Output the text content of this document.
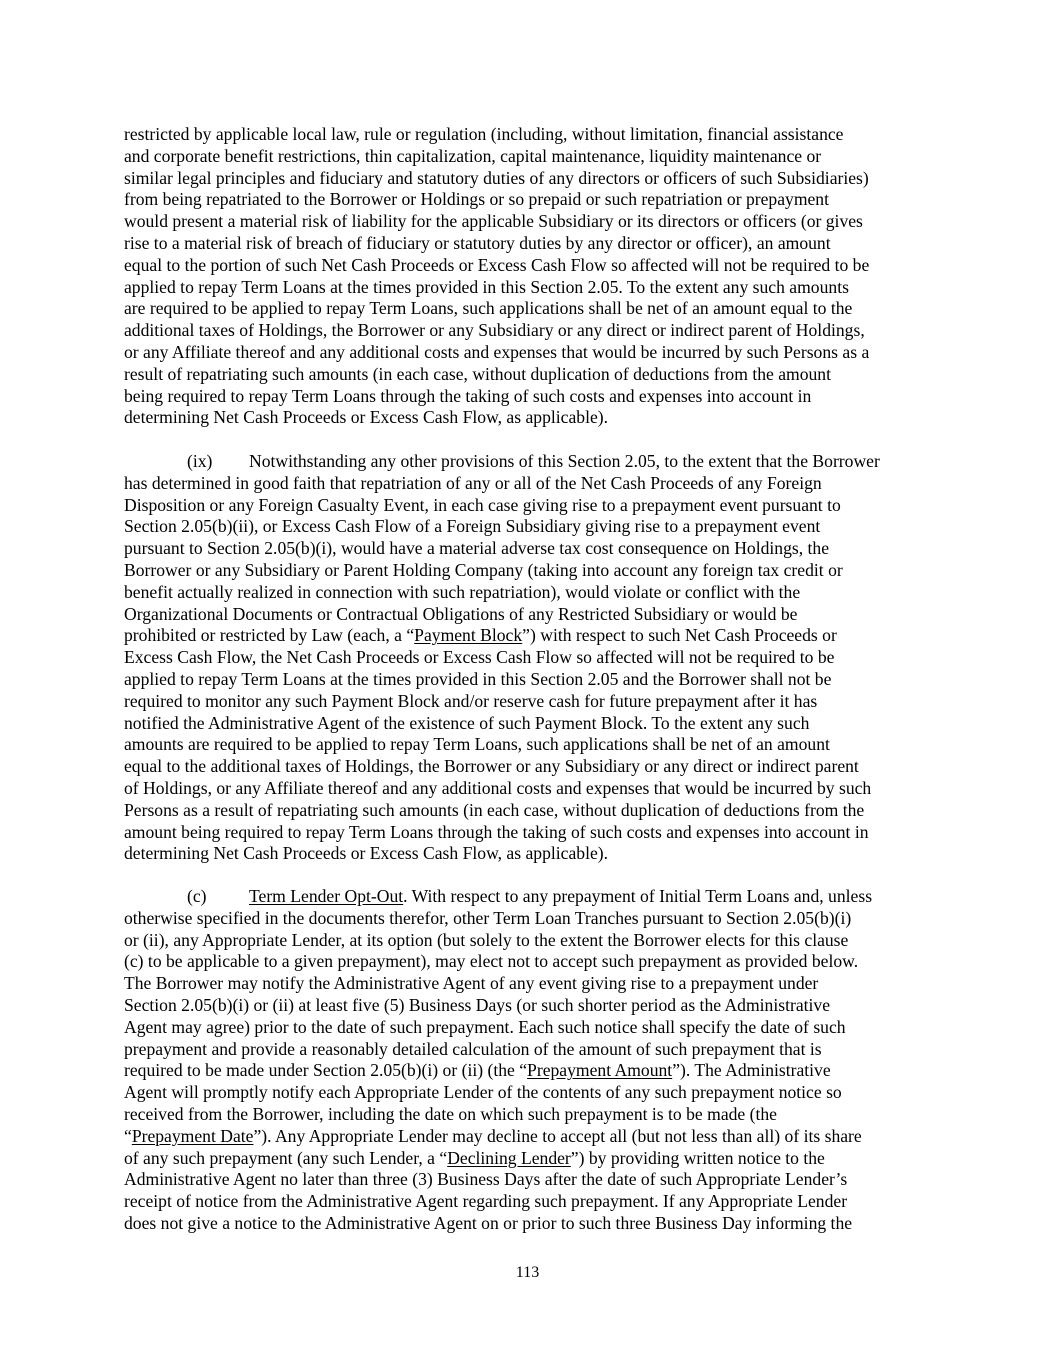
restricted by applicable local law, rule or regulation (including, without limitation, financial assistance
and corporate benefit restrictions, thin capitalization, capital maintenance, liquidity maintenance or
similar legal principles and fiduciary and statutory duties of any directors or officers of such Subsidiaries)
from being repatriated to the Borrower or Holdings or so prepaid or such repatriation or prepayment
would present a material risk of liability for the applicable Subsidiary or its directors or officers (or gives
rise to a material risk of breach of fiduciary or statutory duties by any director or officer), an amount
equal to the portion of such Net Cash Proceeds or Excess Cash Flow so affected will not be required to be
applied to repay Term Loans at the times provided in this Section 2.05. To the extent any such amounts
are required to be applied to repay Term Loans, such applications shall be net of an amount equal to the
additional taxes of Holdings, the Borrower or any Subsidiary or any direct or indirect parent of Holdings,
or any Affiliate thereof and any additional costs and expenses that would be incurred by such Persons as a
result of repatriating such amounts (in each case, without duplication of deductions from the amount
being required to repay Term Loans through the taking of such costs and expenses into account in
determining Net Cash Proceeds or Excess Cash Flow, as applicable).
(ix) Notwithstanding any other provisions of this Section 2.05, to the extent that the Borrower
has determined in good faith that repatriation of any or all of the Net Cash Proceeds of any Foreign
Disposition or any Foreign Casualty Event, in each case giving rise to a prepayment event pursuant to
Section 2.05(b)(ii), or Excess Cash Flow of a Foreign Subsidiary giving rise to a prepayment event
pursuant to Section 2.05(b)(i), would have a material adverse tax cost consequence on Holdings, the
Borrower or any Subsidiary or Parent Holding Company (taking into account any foreign tax credit or
benefit actually realized in connection with such repatriation), would violate or conflict with the
Organizational Documents or Contractual Obligations of any Restricted Subsidiary or would be
prohibited or restricted by Law (each, a “Payment Block”) with respect to such Net Cash Proceeds or
Excess Cash Flow, the Net Cash Proceeds or Excess Cash Flow so affected will not be required to be
applied to repay Term Loans at the times provided in this Section 2.05 and the Borrower shall not be
required to monitor any such Payment Block and/or reserve cash for future prepayment after it has
notified the Administrative Agent of the existence of such Payment Block. To the extent any such
amounts are required to be applied to repay Term Loans, such applications shall be net of an amount
equal to the additional taxes of Holdings, the Borrower or any Subsidiary or any direct or indirect parent
of Holdings, or any Affiliate thereof and any additional costs and expenses that would be incurred by such
Persons as a result of repatriating such amounts (in each case, without duplication of deductions from the
amount being required to repay Term Loans through the taking of such costs and expenses into account in
determining Net Cash Proceeds or Excess Cash Flow, as applicable).
(c) Term Lender Opt-Out. With respect to any prepayment of Initial Term Loans and, unless
otherwise specified in the documents therefor, other Term Loan Tranches pursuant to Section 2.05(b)(i)
or (ii), any Appropriate Lender, at its option (but solely to the extent the Borrower elects for this clause
(c) to be applicable to a given prepayment), may elect not to accept such prepayment as provided below.
The Borrower may notify the Administrative Agent of any event giving rise to a prepayment under
Section 2.05(b)(i) or (ii) at least five (5) Business Days (or such shorter period as the Administrative
Agent may agree) prior to the date of such prepayment. Each such notice shall specify the date of such
prepayment and provide a reasonably detailed calculation of the amount of such prepayment that is
required to be made under Section 2.05(b)(i) or (ii) (the “Prepayment Amount”). The Administrative
Agent will promptly notify each Appropriate Lender of the contents of any such prepayment notice so
received from the Borrower, including the date on which such prepayment is to be made (the
“Prepayment Date”). Any Appropriate Lender may decline to accept all (but not less than all) of its share
of any such prepayment (any such Lender, a “Declining Lender”) by providing written notice to the
Administrative Agent no later than three (3) Business Days after the date of such Appropriate Lender’s
receipt of notice from the Administrative Agent regarding such prepayment. If any Appropriate Lender
does not give a notice to the Administrative Agent on or prior to such three Business Day informing the
113
